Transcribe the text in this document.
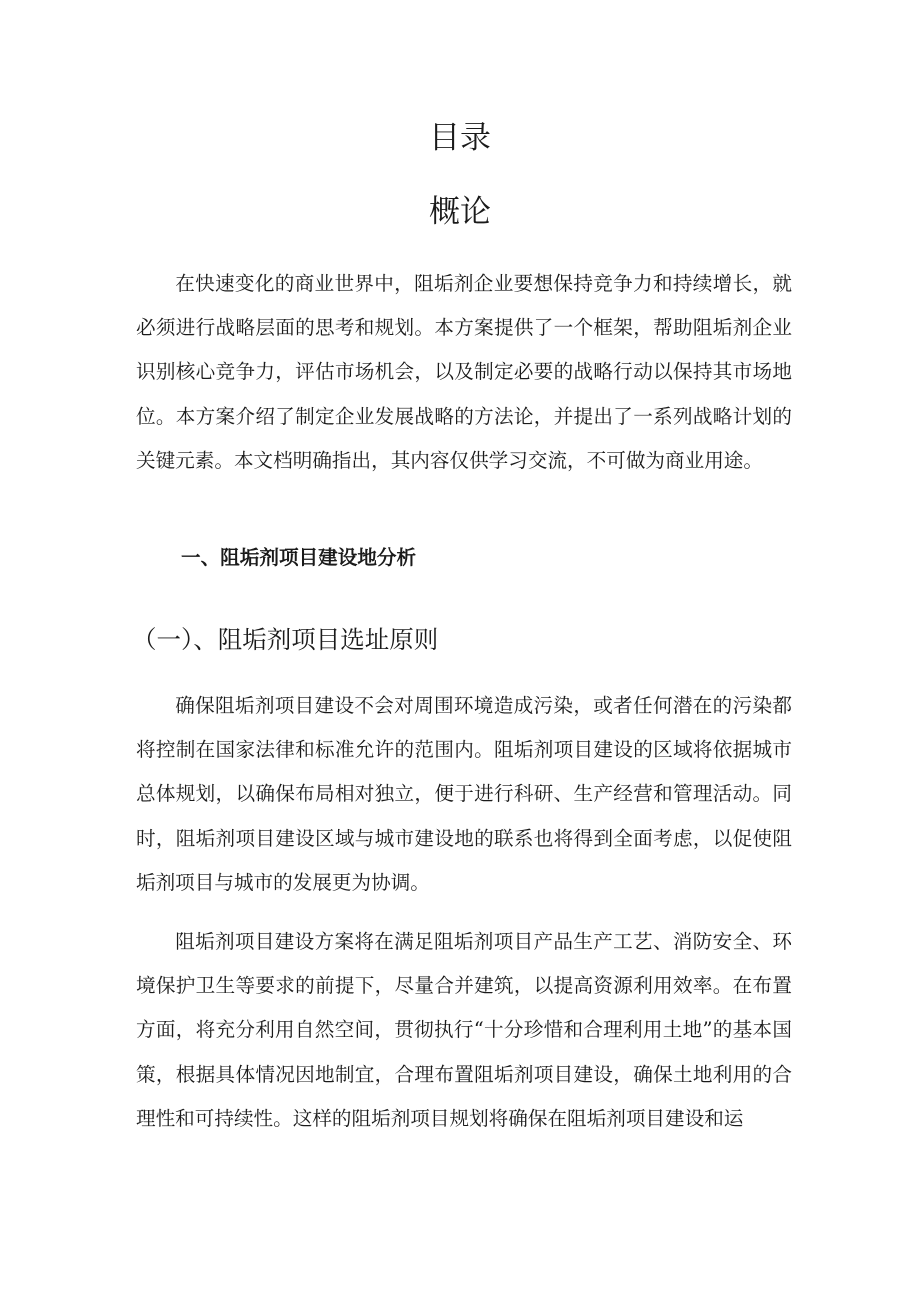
目录
概论

在快速变化的商业世界中，阻垢剂企业要想保持竞争力和持续增长，就必须进行战略层面的思考和规划。本方案提供了一个框架，帮助阻垢剂企业识别核心竞争力，评估市场机会，以及制定必要的战略行动以保持其市场地位。本方案介绍了制定企业发展战略的方法论，并提出了一系列战略计划的关键元素。本文档明确指出，其内容仅供学习交流，不可做为商业用途。

一、阻垢剂项目建设地分析
（一）、阻垢剂项目选址原则

确保阻垢剂项目建设不会对周围环境造成污染，或者任何潜在的污染都将控制在国家法律和标准允许的范围内。阻垢剂项目建设的区域将依据城市总体规划，以确保布局相对独立，便于进行科研、生产经营和管理活动。同时，阻垢剂项目建设区域与城市建设地的联系也将得到全面考虑，以促使阻垢剂项目与城市的发展更为协调。

阻垢剂项目建设方案将在满足阻垢剂项目产品生产工艺、消防安全、环境保护卫生等要求的前提下，尽量合并建筑，以提高资源利用效率。在布置方面，将充分利用自然空间，贯彻执行“十分珍惜和合理利用土地”的基本国策，根据具体情况因地制宜，合理布置阻垢剂项目建设，确保土地利用的合理性和可持续性。这样的阻垢剂项目规划将确保在阻垢剂项目建设和运
